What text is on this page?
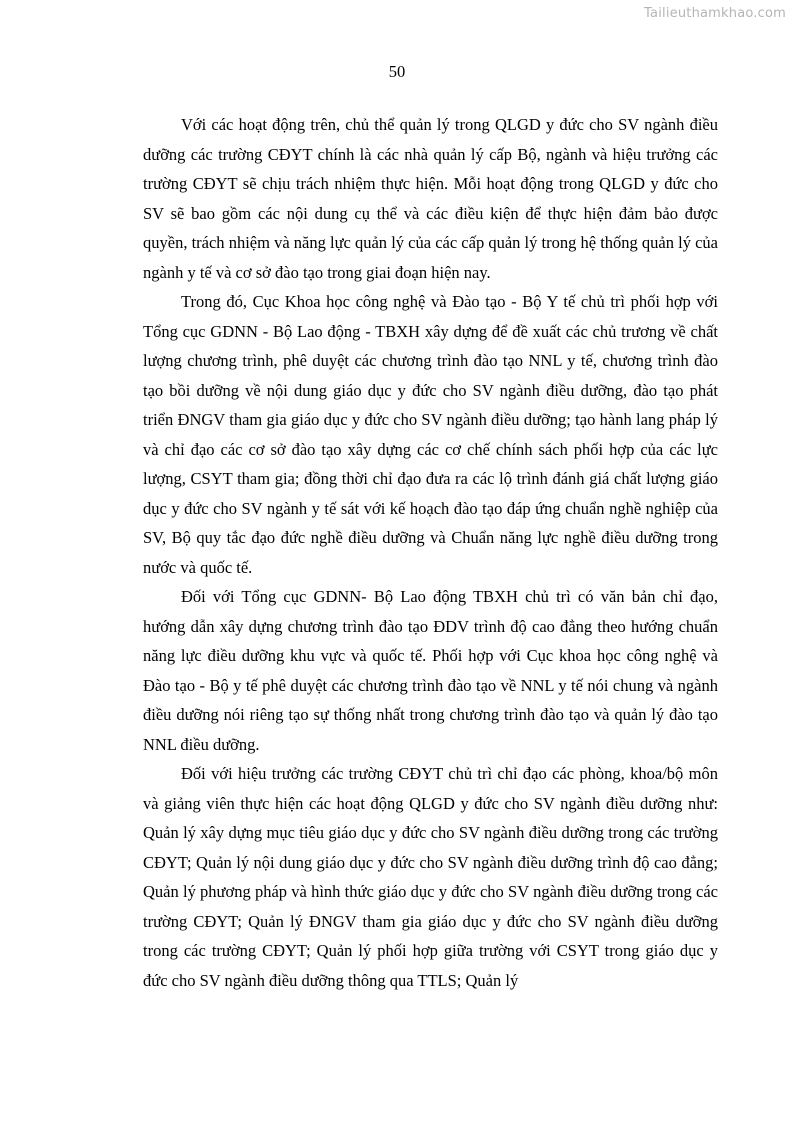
Tailieuthamkhao.com
50

Với các hoạt động trên, chủ thể quản lý trong QLGD y đức cho SV ngành điều dưỡng các trường CĐYT chính là các nhà quản lý cấp Bộ, ngành và hiệu trưởng các trường CĐYT sẽ chịu trách nhiệm thực hiện. Mỗi hoạt động trong QLGD y đức cho SV sẽ bao gồm các nội dung cụ thể và các điều kiện để thực hiện đảm bảo được quyền, trách nhiệm và năng lực quản lý của các cấp quản lý trong hệ thống quản lý của ngành y tế và cơ sở đào tạo trong giai đoạn hiện nay.

Trong đó, Cục Khoa học công nghệ và Đào tạo - Bộ Y tế chủ trì phối hợp với Tổng cục GDNN - Bộ Lao động - TBXH xây dựng để đề xuất các chủ trương về chất lượng chương trình, phê duyệt các chương trình đào tạo NNL y tế, chương trình đào tạo bồi dưỡng về nội dung giáo dục y đức cho SV ngành điều dưỡng, đào tạo phát triển ĐNGV tham gia giáo dục y đức cho SV ngành điều dưỡng; tạo hành lang pháp lý và chỉ đạo các cơ sở đào tạo xây dựng các cơ chế chính sách phối hợp của các lực lượng, CSYT tham gia; đồng thời chỉ đạo đưa ra các lộ trình đánh giá chất lượng giáo dục y đức cho SV ngành y tế sát với kế hoạch đào tạo đáp ứng chuẩn nghề nghiệp của SV, Bộ quy tắc đạo đức nghề điều dưỡng và Chuẩn năng lực nghề điều dưỡng trong nước và quốc tế.

Đối với Tổng cục GDNN- Bộ Lao động TBXH chủ trì có văn bản chỉ đạo, hướng dẫn xây dựng chương trình đào tạo ĐDV trình độ cao đẳng theo hướng chuẩn năng lực điều dưỡng khu vực và quốc tế. Phối hợp với Cục khoa học công nghệ và Đào tạo - Bộ y tế phê duyệt các chương trình đào tạo về NNL y tế nói chung và ngành điều dưỡng nói riêng tạo sự thống nhất trong chương trình đào tạo và quản lý đào tạo NNL điều dưỡng.

Đối với hiệu trưởng các trường CĐYT chủ trì chỉ đạo các phòng, khoa/bộ môn và giảng viên thực hiện các hoạt động QLGD y đức cho SV ngành điều dưỡng như: Quản lý xây dựng mục tiêu giáo dục y đức cho SV ngành điều dưỡng trong các trường CĐYT; Quản lý nội dung giáo dục y đức cho SV ngành điều dưỡng trình độ cao đẳng; Quản lý phương pháp và hình thức giáo dục y đức cho SV ngành điều dưỡng trong các trường CĐYT; Quản lý ĐNGV tham gia giáo dục y đức cho SV ngành điều dưỡng trong các trường CĐYT; Quản lý phối hợp giữa trường với CSYT trong giáo dục y đức cho SV ngành điều dưỡng thông qua TTLS; Quản lý
